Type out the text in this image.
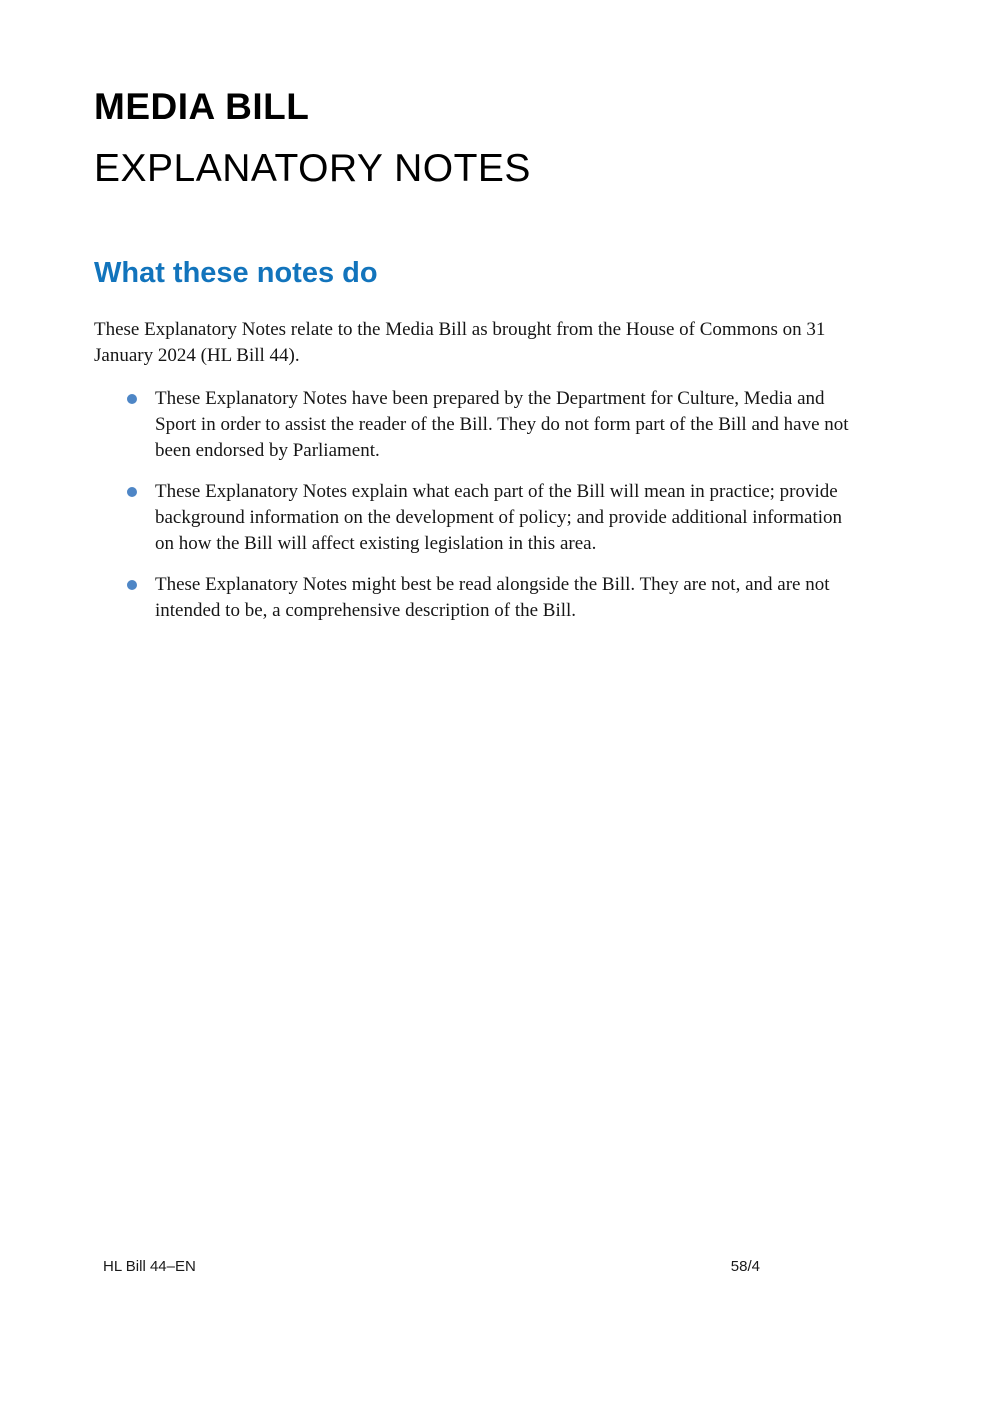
MEDIA BILL
EXPLANATORY NOTES
What these notes do

These Explanatory Notes relate to the Media Bill as brought from the House of Commons on 31 January 2024 (HL Bill 44).

These Explanatory Notes have been prepared by the Department for Culture, Media and Sport in order to assist the reader of the Bill. They do not form part of the Bill and have not been endorsed by Parliament.
These Explanatory Notes explain what each part of the Bill will mean in practice; provide background information on the development of policy; and provide additional information on how the Bill will affect existing legislation in this area.
These Explanatory Notes might best be read alongside the Bill. They are not, and are not intended to be, a comprehensive description of the Bill.
HL Bill 44–EN	58/4
